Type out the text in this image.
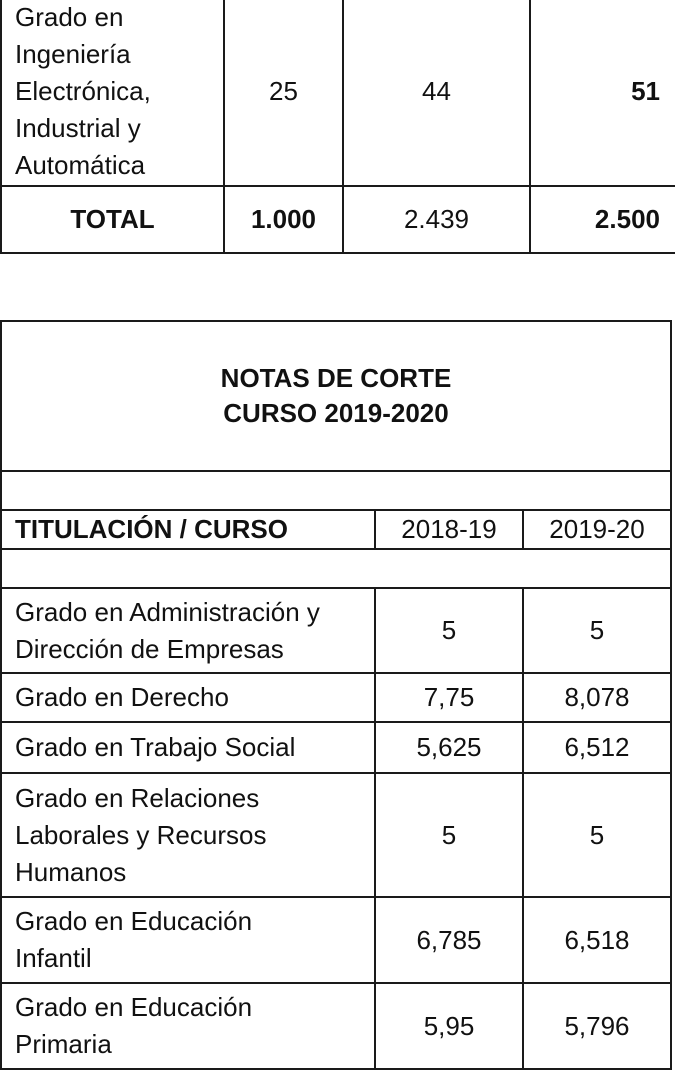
Grado en Ingeniería Electrónica, Industrial y Automática	25	44	51
TOTAL	1.000	2.439	2.500
NOTAS DE CORTE
CURSO 2019-2020		

TITULACIÓN / CURSO	2018-19	2019-20

Grado en Administración y Dirección de Empresas	5	5
Grado en Derecho	7,75	8,078
Grado en Trabajo Social	5,625	6,512

Grado en Relaciones Laborales y Recursos Humanos	5	5

Grado en Educación Infantil	6,785	6,518

Grado en Educación Primaria	5,95	5,796
